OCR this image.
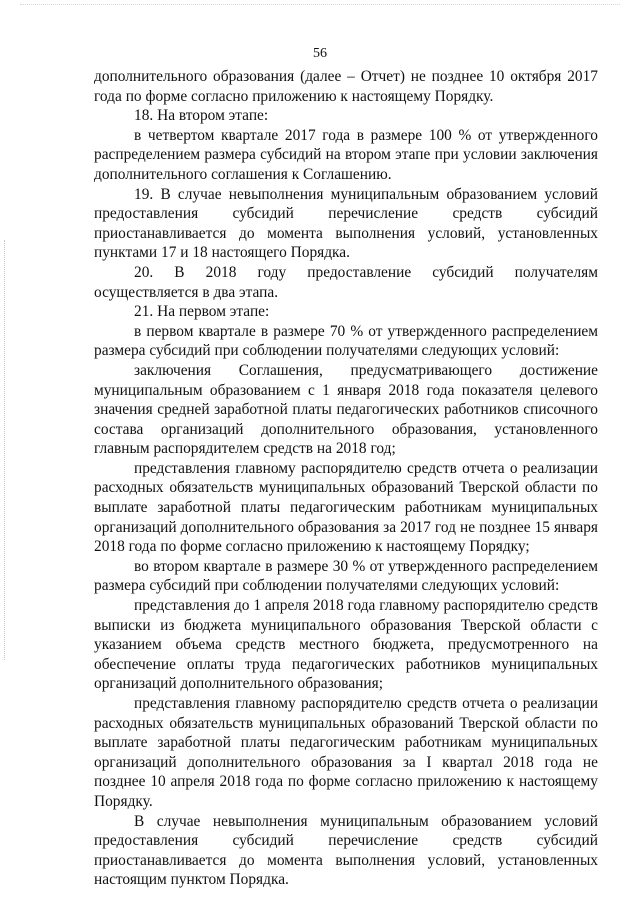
56

дополнительного образования (далее – Отчет) не позднее 10 октября 2017 года по форме согласно приложению к настоящему Порядку.

18. На втором этапе:

в четвертом квартале 2017 года в размере 100 % от утвержденного распределением размера субсидий на втором этапе при условии заключения дополнительного соглашения к Соглашению.

19. В случае невыполнения муниципальным образованием условий предоставления субсидий перечисление средств субсидий приостанавливается до момента выполнения условий, установленных пунктами 17 и 18 настоящего Порядка.

20. В 2018 году предоставление субсидий получателям осуществляется в два этапа.

21. На первом этапе:

в первом квартале в размере 70 % от утвержденного распределением размера субсидий при соблюдении получателями следующих условий:

заключения Соглашения, предусматривающего достижение муниципальным образованием с 1 января 2018 года показателя целевого значения средней заработной платы педагогических работников списочного состава организаций дополнительного образования, установленного главным распорядителем средств на 2018 год;

представления главному распорядителю средств отчета о реализации расходных обязательств муниципальных образований Тверской области по выплате заработной платы педагогическим работникам муниципальных организаций дополнительного образования за 2017 год не позднее 15 января 2018 года по форме согласно приложению к настоящему Порядку;

во втором квартале в размере 30 % от утвержденного распределением размера субсидий при соблюдении получателями следующих условий:

представления до 1 апреля 2018 года главному распорядителю средств выписки из бюджета муниципального образования Тверской области с указанием объема средств местного бюджета, предусмотренного на обеспечение оплаты труда педагогических работников муниципальных организаций дополнительного образования;

представления главному распорядителю средств отчета о реализации расходных обязательств муниципальных образований Тверской области по выплате заработной платы педагогическим работникам муниципальных организаций дополнительного образования за I квартал 2018 года не позднее 10 апреля 2018 года по форме согласно приложению к настоящему Порядку.

В случае невыполнения муниципальным образованием условий предоставления субсидий перечисление средств субсидий приостанавливается до момента выполнения условий, установленных настоящим пунктом Порядка.
